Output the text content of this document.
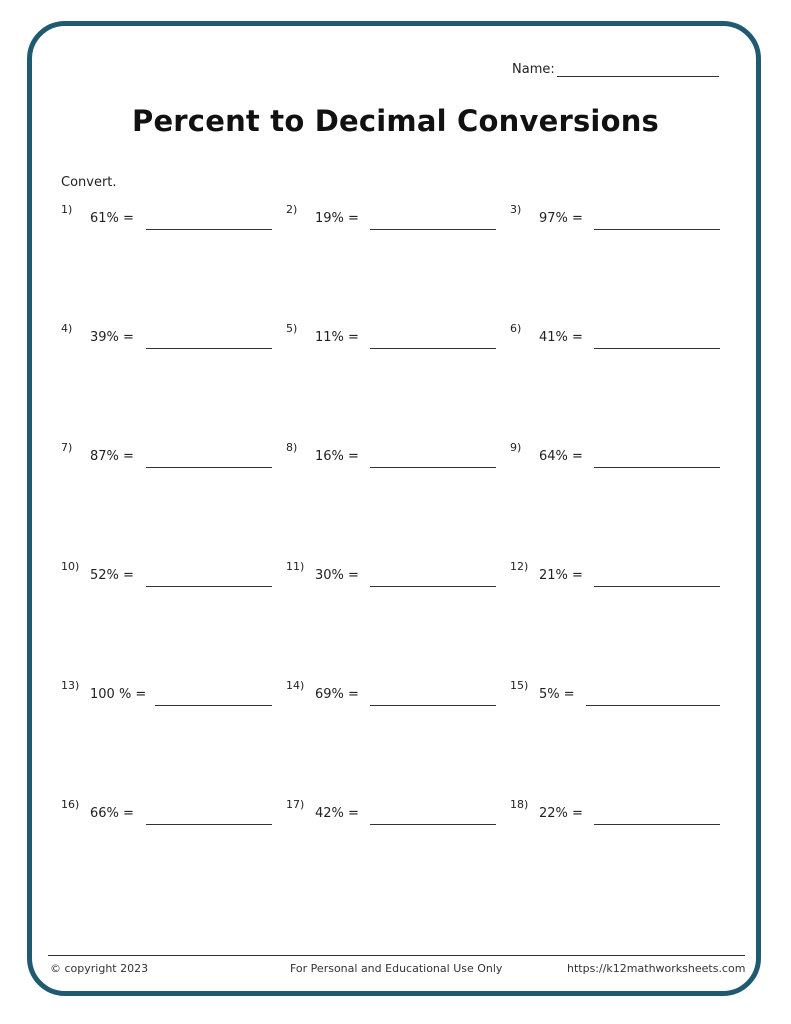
Name:
Percent to Decimal Conversions
Convert.
1)
61% =
2)
19% =
3)
97% =
4)
39% =
5)
11% =
6)
41% =
7)
87% =
8)
16% =
9)
64% =
10)
52% =
11)
30% =
12)
21% =
13)
100 % =
14)
69% =
15)
5% =
16)
66% =
17)
42% =
18)
22% =
© copyright 2023	For Personal and Educational Use Only	https://k12mathworksheets.com
